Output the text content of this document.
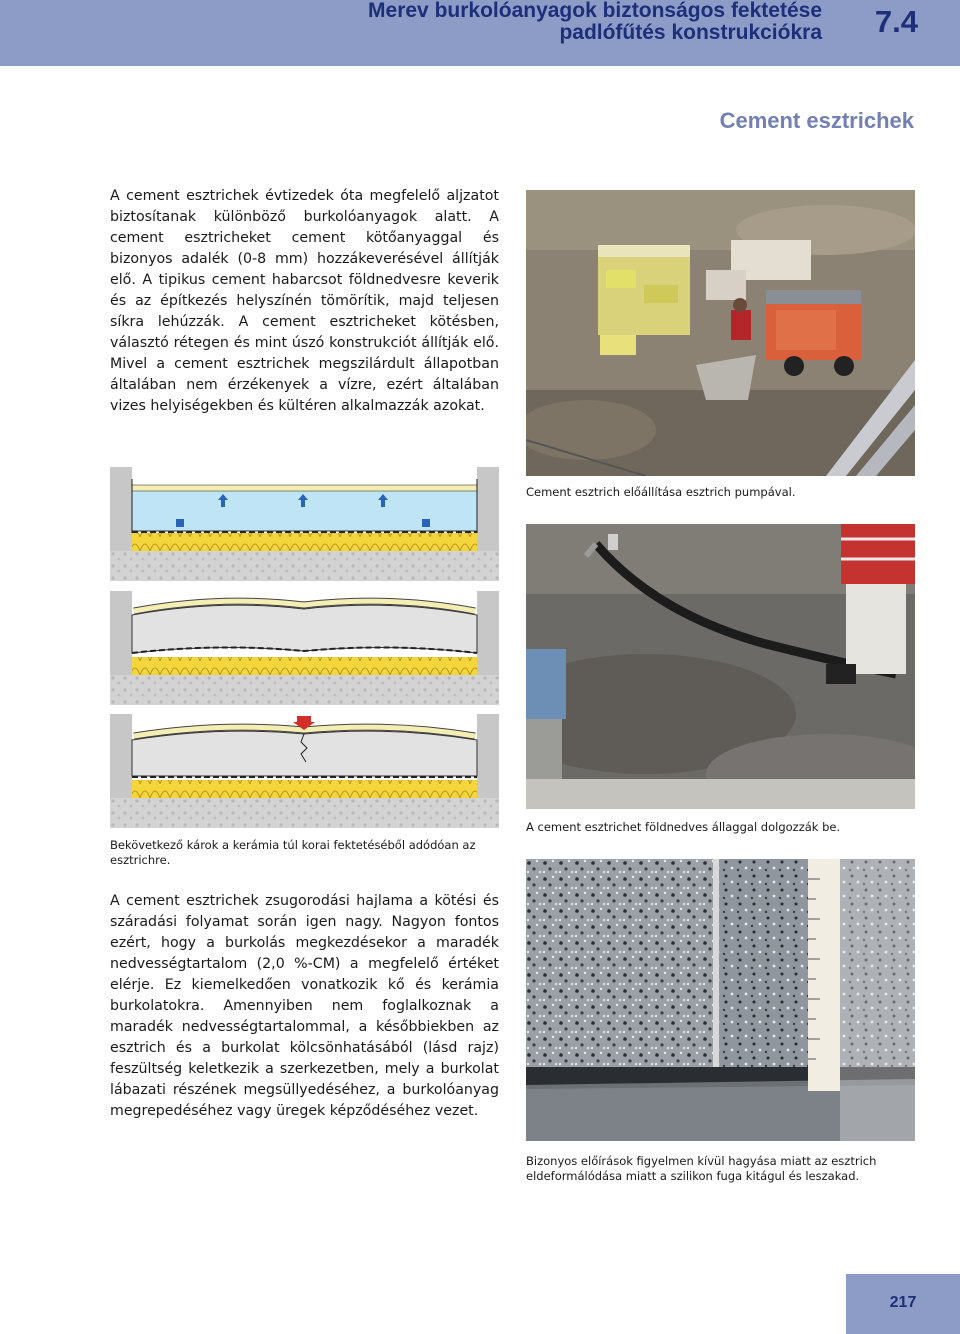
Merev burkolóanyagok biztonságos fektetése
padlófűtés konstrukciókra 7.4
Cement esztrichek

A cement esztrichek évtizedek óta megfelelő aljzatot biztosítanak különböző burkolóanyagok alatt. A cement esztricheket cement kötőanyaggal és bizonyos adalék (0-8 mm) hozzákeverésével állítják elő. A tipikus cement habarcsot földnedvesre keverik és az építkezés helyszínén tömörítik, majd teljesen síkra lehúzzák. A cement esztricheket kötésben, választó rétegen és mint úszó konstrukciót állítják elő. Mivel a cement esztrichek megszilárdult állapotban általában nem érzékenyek a vízre, ezért általában vizes helyiségekben és kültéren alkalmazzák azokat.

Cement esztrich előállítása esztrich pumpával.

Bekövetkező károk a kerámia túl korai fektetéséből adódóan az esztrichre.

A cement esztrichet földnedves állaggal dolgozzák be.

A cement esztrichek zsugorodási hajlama a kötési és száradási folyamat során igen nagy. Nagyon fontos ezért, hogy a burkolás megkezdésekor a maradék nedvességtartalom (2,0 %-CM) a megfelelő értéket elérje. Ez kiemelkedően vonatkozik kő és kerámia burkolatokra. Amennyiben nem foglalkoznak a maradék nedvességtartalommal, a későbbiekben az esztrich és a burkolat kölcsönhatásából (lásd rajz) feszültség keletkezik a szerkezetben, mely a burkolat lábazati részének megsüllyedéséhez, a burkolóanyag megrepedéséhez vagy üregek képződéséhez vezet.

Bizonyos előírások figyelmen kívül hagyása miatt az esztrich eldeformálódása miatt a szilikon fuga kitágul és leszakad.

217
